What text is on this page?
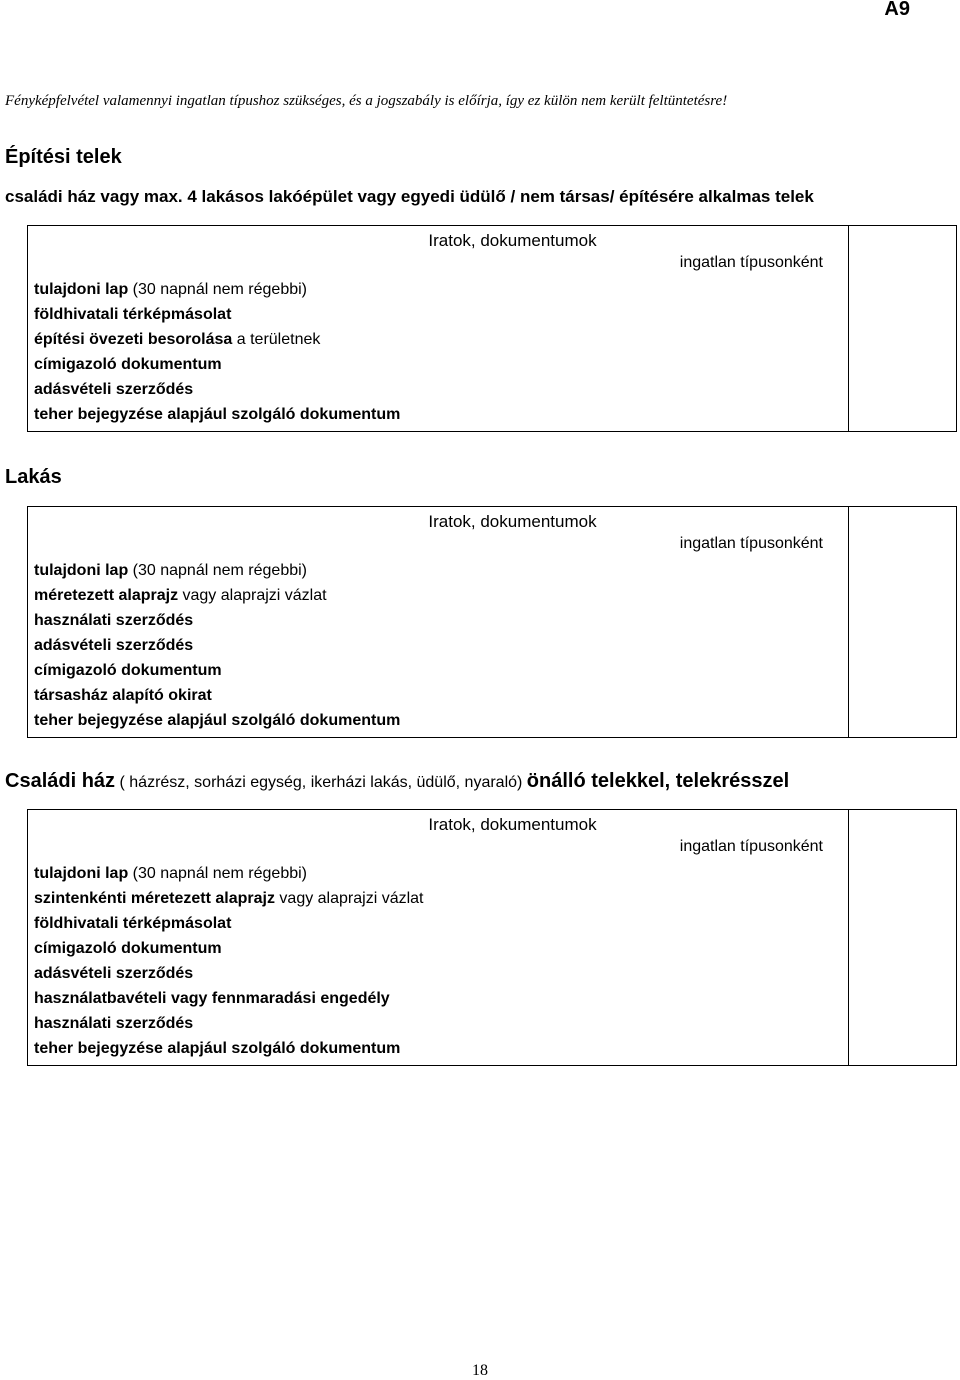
A9
Fényképfelvétel valamennyi ingatlan típushoz szükséges, és a jogszabály is előírja, így ez külön nem került feltüntetésre!
Építési telek
családi ház vagy max. 4 lakásos lakóépület vagy egyedi üdülő / nem társas/ építésére alkalmas telek
Iratok, dokumentumok
ingatlan típusonként
tulajdoni lap (30 napnál nem régebbi)
földhivatali térképmásolat
építési övezeti besorolása a területnek
címigazoló dokumentum
adásvételi szerződés
teher bejegyzése alapjául szolgáló dokumentum

Lakás
Iratok, dokumentumok
ingatlan típusonként
tulajdoni lap (30 napnál nem régebbi)
méretezett alaprajz vagy alaprajzi vázlat
használati szerződés
adásvételi szerződés
címigazoló dokumentum
társasház alapító okirat
teher bejegyzése alapjául szolgáló dokumentum

Családi ház ( házrész, sorházi egység, ikerházi lakás, üdülő, nyaraló) önálló telekkel, telekrésszel
Iratok, dokumentumok
ingatlan típusonként
tulajdoni lap (30 napnál nem régebbi)
szintenkénti méretezett alaprajz vagy alaprajzi vázlat
földhivatali térképmásolat
címigazoló dokumentum
adásvételi szerződés
használatbavételi vagy fennmaradási engedély
használati szerződés
teher bejegyzése alapjául szolgáló dokumentum

18
